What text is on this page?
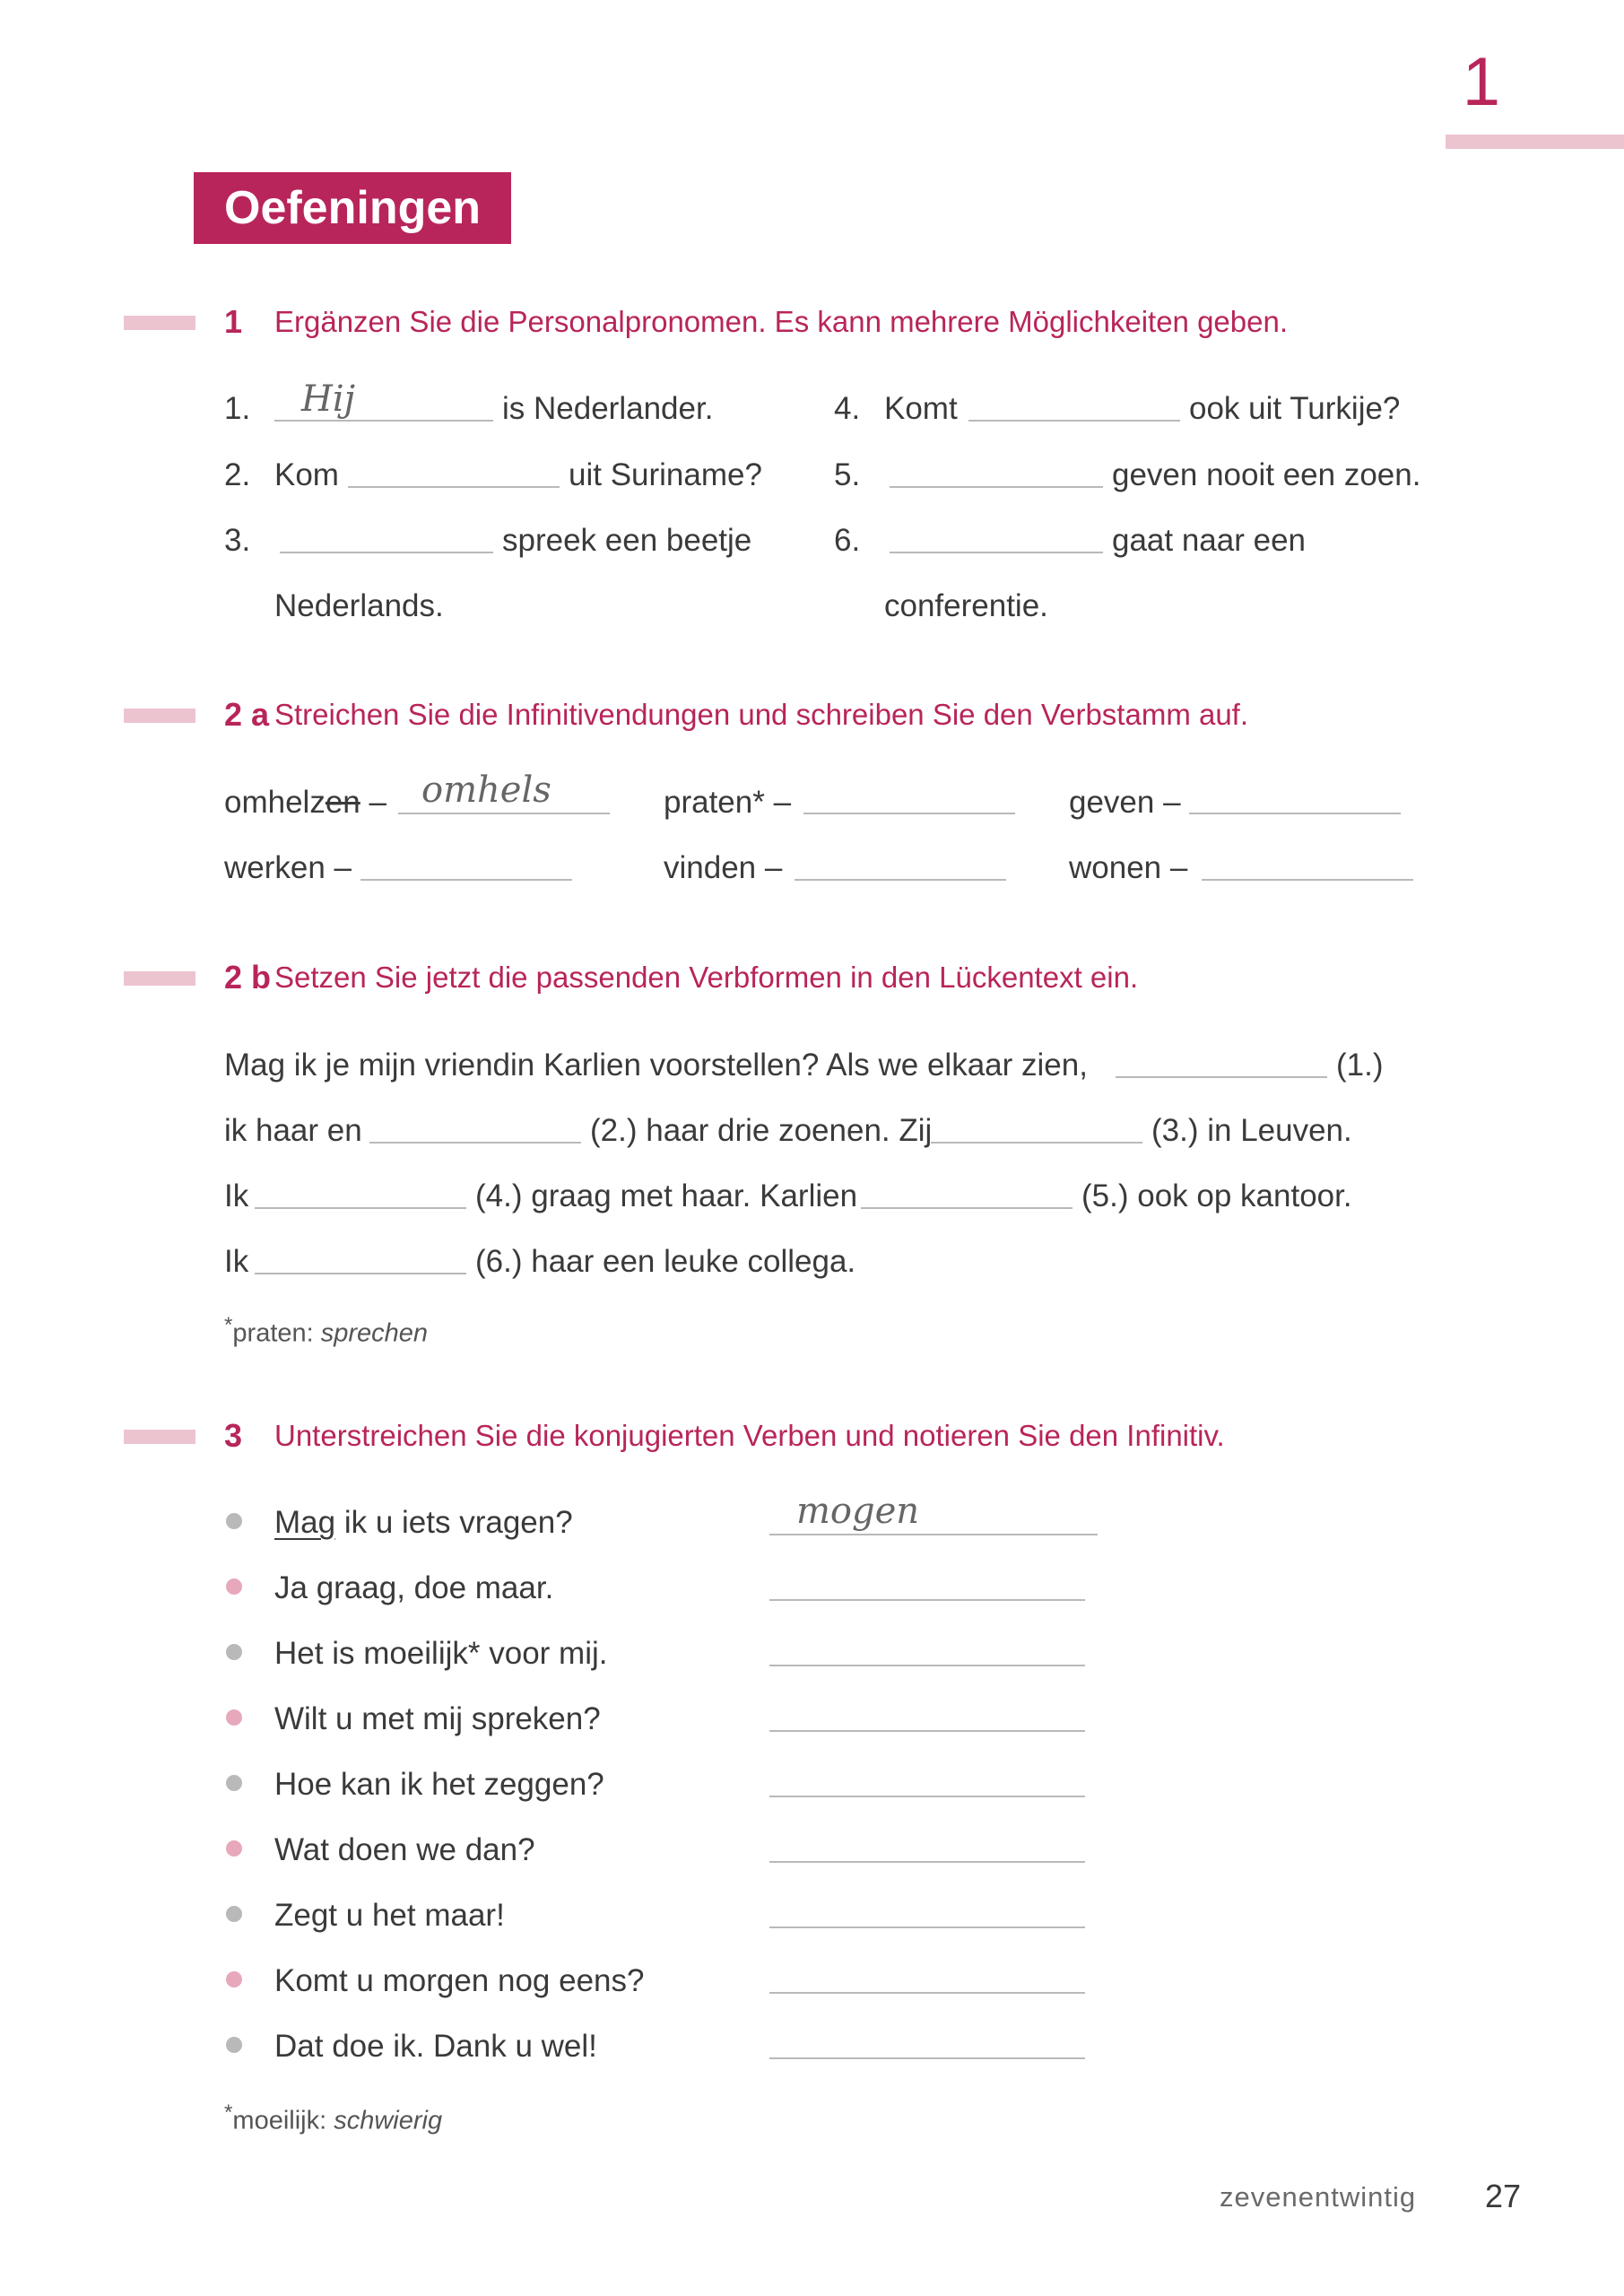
1
Oefeningen
1 Ergänzen Sie die Personalpronomen. Es kann mehrere Möglichkeiten geben.
1. Hij	is Nederlander.
2. Kom	uit Suriname?
3.	spreek een beetje
Nederlands.
4. Komt	ook uit Turkije?
5.	geven nooit een zoen.
6.	gaat naar een
conferentie.
2 a Streichen Sie die Infinitivendungen und schreiben Sie den Verbstamm auf.
omhelzen – omhels	praten* –	geven –
werken –	vinden –	wonen –
2 b Setzen Sie jetzt die passenden Verbformen in den Lückentext ein.
Mag ik je mijn vriendin Karlien voorstellen? Als we elkaar zien,	(1.)
ik haar en	(2.) haar drie zoenen. Zij	(3.) in Leuven.
Ik	(4.) graag met haar. Karlien	(5.) ook op kantoor.
Ik	(6.) haar een leuke collega.
*praten: sprechen
3 Unterstreichen Sie die konjugierten Verben und notieren Sie den Infinitiv.
Mag ik u iets vragen?	mogen
Ja graag, doe maar.
Het is moeilijk* voor mij.
Wilt u met mij spreken?
Hoe kan ik het zeggen?
Wat doen we dan?
Zegt u het maar!
Komt u morgen nog eens?
Dat doe ik. Dank u wel!
*moeilijk: schwierig
zevenentwintig 27
